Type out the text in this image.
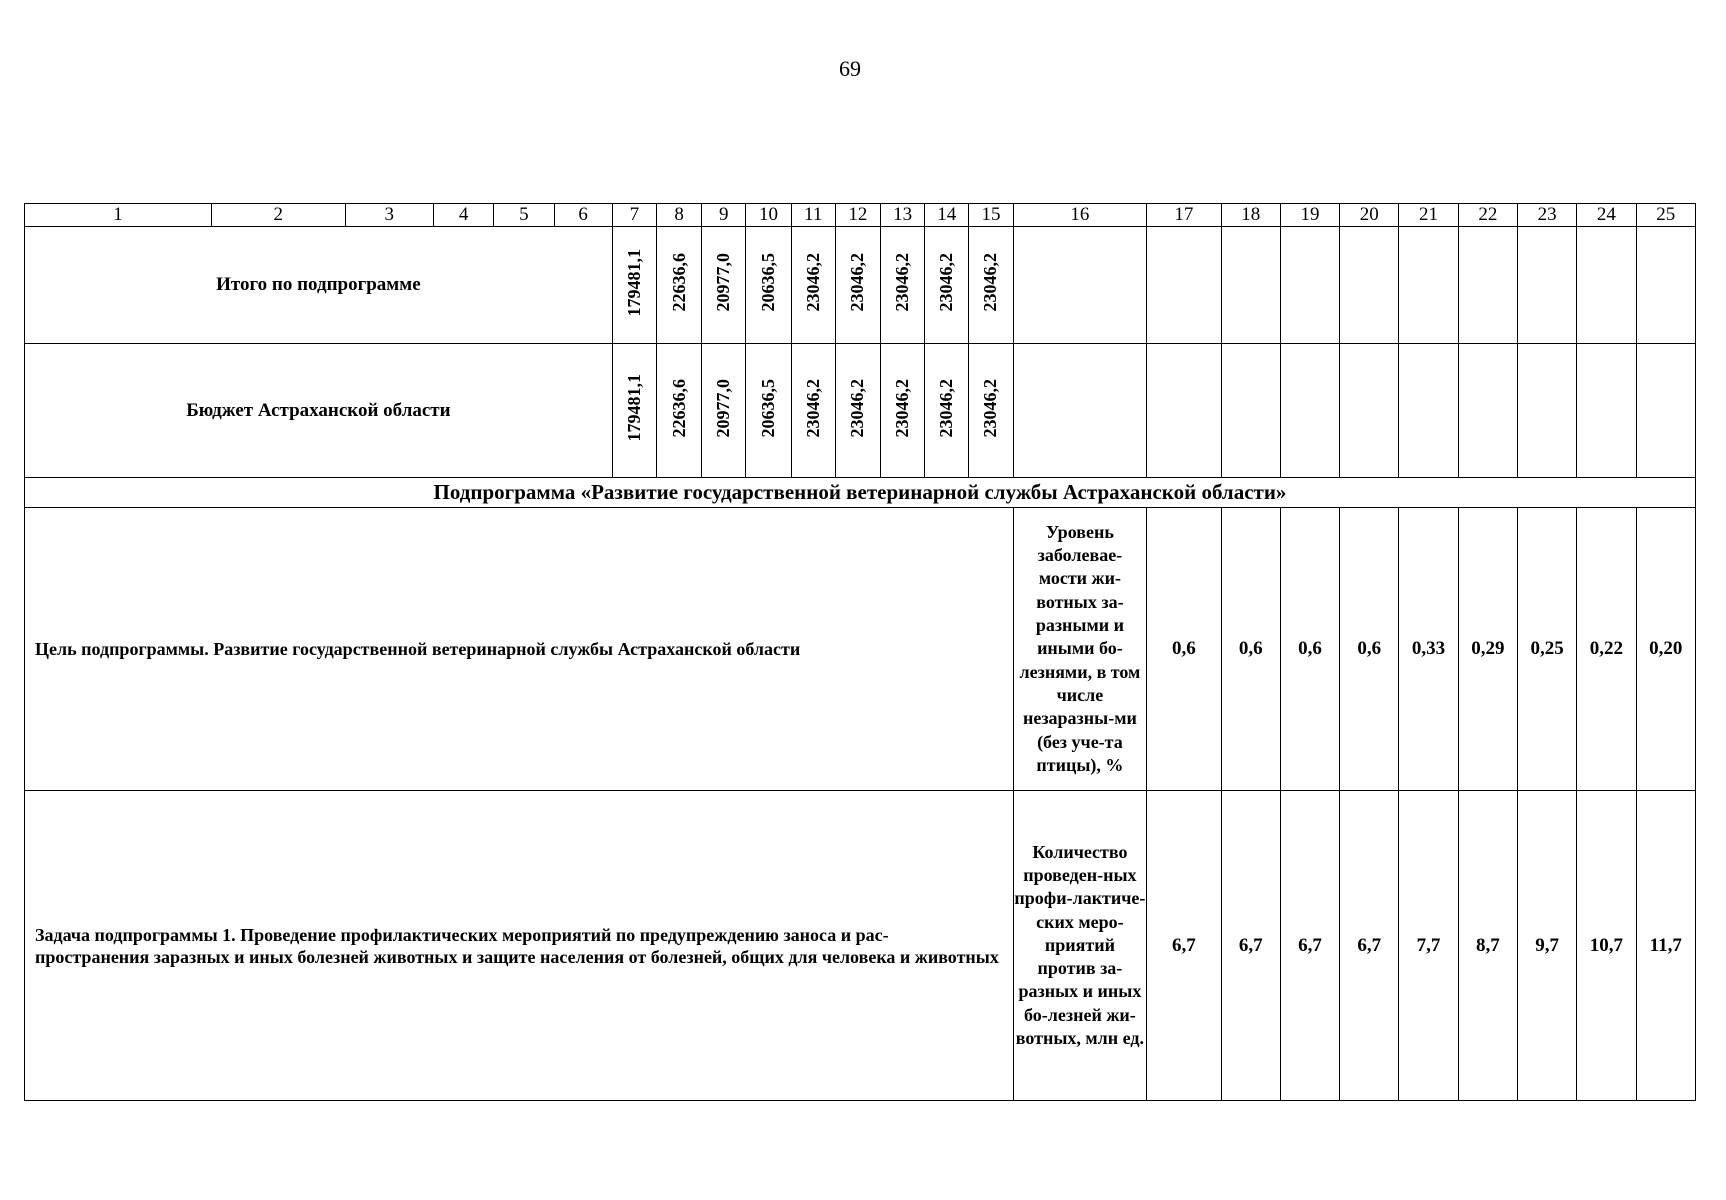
69
1	2	3	4	5	6	7	8	9	10	11	12	13	14	15	16	17	18	19	20	21	22	23	24	25
Итого по подпрограмме						179481,1	22636,6	20977,0	20636,5	23046,2	23046,2	23046,2	23046,2	23046,2										
Бюджет Астраханской области						179481,1	22636,6	20977,0	20636,5	23046,2	23046,2	23046,2	23046,2	23046,2										
Подпрограмма «Развитие государственной ветеринарной службы Астраханской области»																								
Цель подпрограммы. Развитие государственной ветеринарной службы Астраханской области															Уровень заболевае-мости жи-вотных за-разными и иными бо-лезнями, в том числе незаразны-ми (без уче-та птицы), %	0,6	0,6	0,6	0,6	0,33	0,29	0,25	0,22	0,20
Задача подпрограммы 1. Проведение профилактических мероприятий по предупреждению заноса и рас-пространения заразных и иных болезней животных и защите населения от болезней, общих для человека и животных															Количество проведен-ных профи-лактиче-ских меро-приятий против за-разных и иных бо-лезней жи-вотных, млн ед.	6,7	6,7	6,7	6,7	7,7	8,7	9,7	10,7	11,7
